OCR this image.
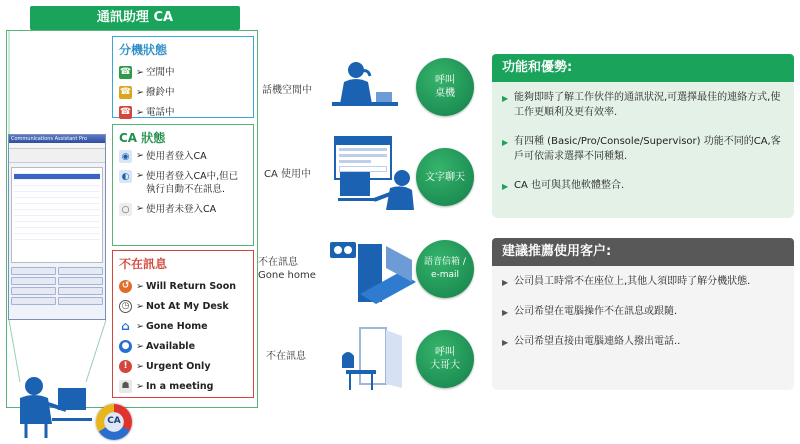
通訊助理 CA
Communications Assistant Pro
分機狀態
☎ ➢ 空閒中
☎ ➢ 撥鈴中
☎ ➢ 電話中
CA 狀態
◉ ➢ 使用者登入CA
◐ ➢ 使用者登入CA中,但已執行自動不在訊息.
○ ➢ 使用者未登入CA
不在訊息
↺ ➢ Will Return Soon
◷ ➢ Not At My Desk
⌂ ➢ Gone Home
● ➢ Available
! ➢ Urgent Only
☗ ➢ In a meeting
話機空閒中
CA 使用中
不在訊息
Gone home
不在訊息
呼叫
桌機
文字聊天
語音信箱 /
e-mail
呼叫
大哥大
功能和優勢:
▶ 能夠即時了解工作伙伴的通訊狀況,可選擇最佳的連絡方式,使工作更順利及更有效率.
▶ 有四種 (Basic/Pro/Console/Supervisor) 功能不同的CA,客戶可依需求選擇不同種類.
▶ CA 也可與其他軟體整合.
建議推薦使用客户:
▶ 公司員工時常不在座位上,其他人須即時了解分機狀態.
▶ 公司希望在電腦操作不在訊息或跟隨.
▶ 公司希望直接由電腦連絡人撥出電話..
CA
